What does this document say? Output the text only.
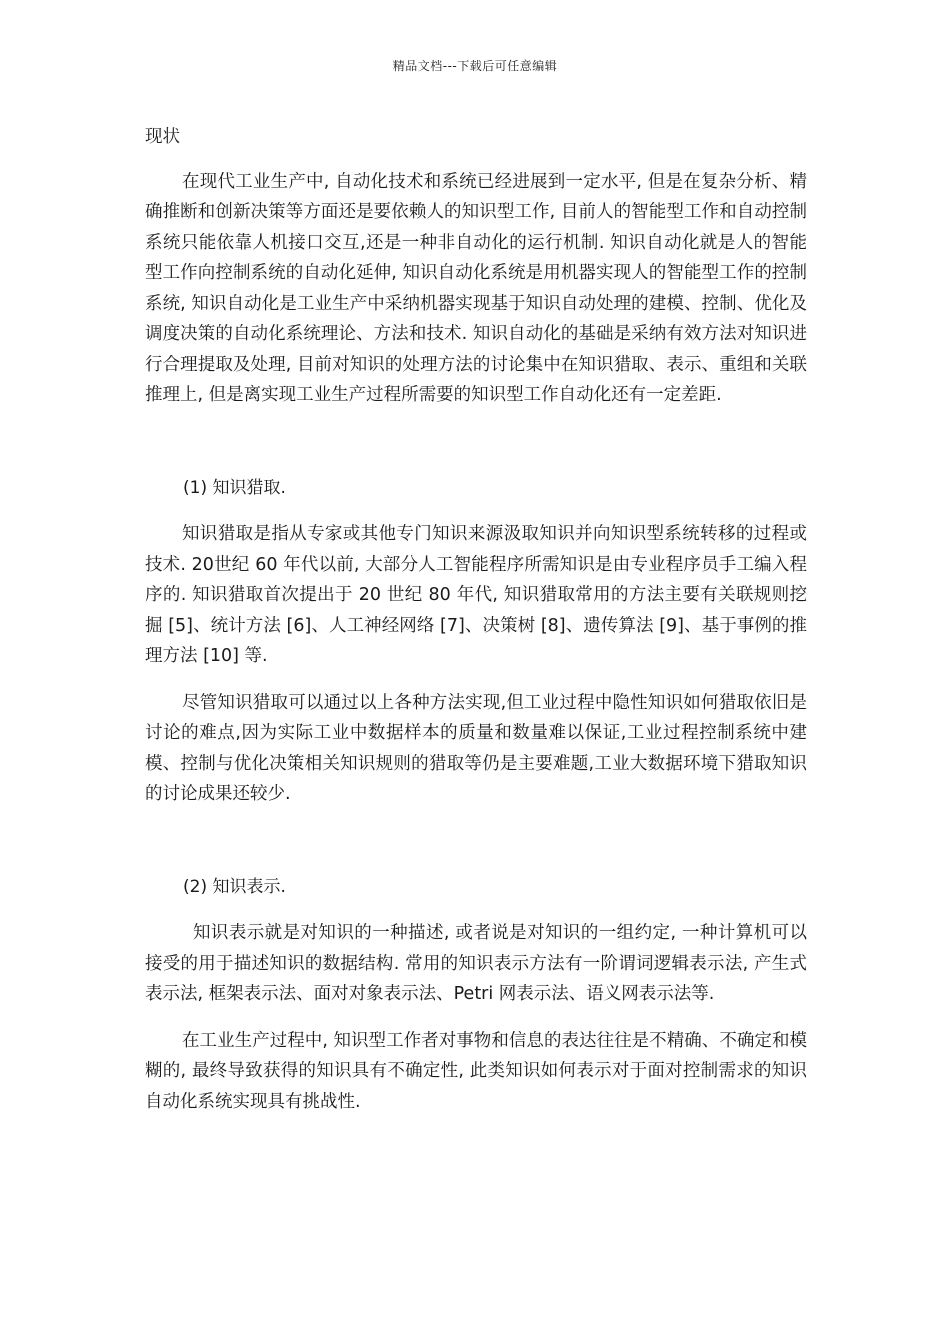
精品文档---下载后可任意编辑

现状

在现代工业生产中, 自动化技术和系统已经进展到一定水平, 但是在复杂分析、精确推断和创新决策等方面还是要依赖人的知识型工作, 目前人的智能型工作和自动控制系统只能依靠人机接口交互,还是一种非自动化的运行机制. 知识自动化就是人的智能型工作向控制系统的自动化延伸, 知识自动化系统是用机器实现人的智能型工作的控制系统, 知识自动化是工业生产中采纳机器实现基于知识自动处理的建模、控制、优化及调度决策的自动化系统理论、方法和技术. 知识自动化的基础是采纳有效方法对知识进行合理提取及处理, 目前对知识的处理方法的讨论集中在知识猎取、表示、重组和关联推理上, 但是离实现工业生产过程所需要的知识型工作自动化还有一定差距.

(1) 知识猎取.

知识猎取是指从专家或其他专门知识来源汲取知识并向知识型系统转移的过程或技术. 20世纪 60 年代以前, 大部分人工智能程序所需知识是由专业程序员手工编入程序的. 知识猎取首次提出于 20 世纪 80 年代, 知识猎取常用的方法主要有关联规则挖掘 [5]、统计方法 [6]、人工神经网络 [7]、决策树 [8]、遗传算法 [9]、基于事例的推理方法 [10] 等.

尽管知识猎取可以通过以上各种方法实现,但工业过程中隐性知识如何猎取依旧是讨论的难点,因为实际工业中数据样本的质量和数量难以保证,工业过程控制系统中建模、控制与优化决策相关知识规则的猎取等仍是主要难题,工业大数据环境下猎取知识的讨论成果还较少.

(2) 知识表示.

知识表示就是对知识的一种描述, 或者说是对知识的一组约定, 一种计算机可以接受的用于描述知识的数据结构. 常用的知识表示方法有一阶谓词逻辑表示法, 产生式表示法, 框架表示法、面对对象表示法、Petri 网表示法、语义网表示法等.

在工业生产过程中, 知识型工作者对事物和信息的表达往往是不精确、不确定和模糊的, 最终导致获得的知识具有不确定性, 此类知识如何表示对于面对控制需求的知识自动化系统实现具有挑战性.
